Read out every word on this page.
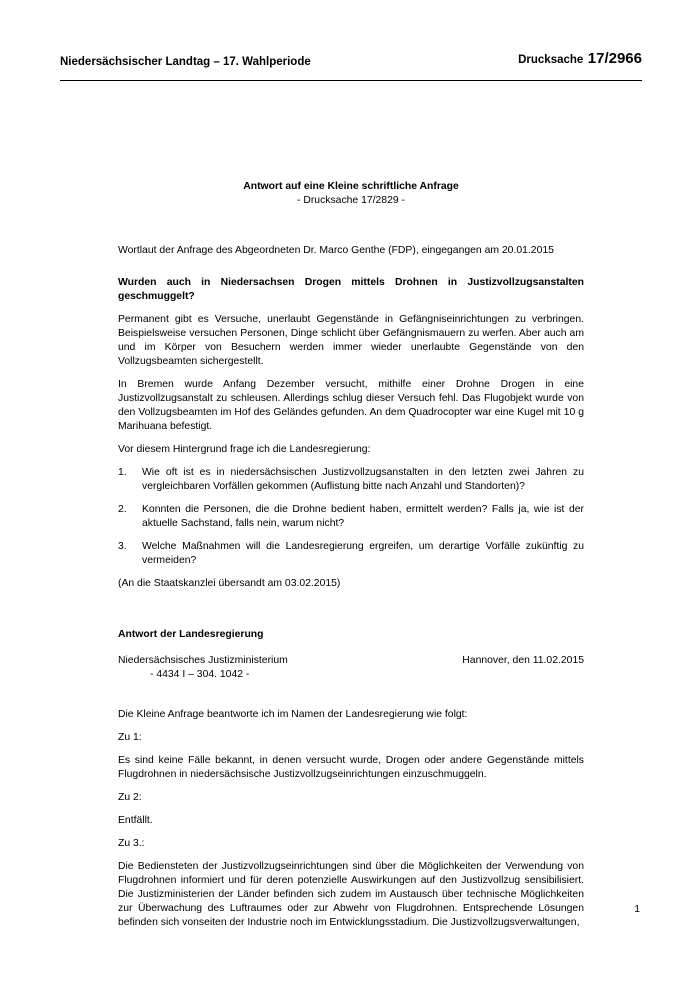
Niedersächsischer Landtag – 17. Wahlperiode	Drucksache 17/2966
Antwort auf eine Kleine schriftliche Anfrage
- Drucksache 17/2829 -

Wortlaut der Anfrage des Abgeordneten Dr. Marco Genthe (FDP), eingegangen am 20.01.2015

Wurden auch in Niedersachsen Drogen mittels Drohnen in Justizvollzugsanstalten geschmuggelt?

Permanent gibt es Versuche, unerlaubt Gegenstände in Gefängniseinrichtungen zu verbringen. Beispielsweise versuchen Personen, Dinge schlicht über Gefängnismauern zu werfen. Aber auch am und im Körper von Besuchern werden immer wieder unerlaubte Gegenstände von den Vollzugsbeamten sichergestellt.

In Bremen wurde Anfang Dezember versucht, mithilfe einer Drohne Drogen in eine Justizvollzugsanstalt zu schleusen. Allerdings schlug dieser Versuch fehl. Das Flugobjekt wurde von den Vollzugsbeamten im Hof des Geländes gefunden. An dem Quadrocopter war eine Kugel mit 10 g Marihuana befestigt.

Vor diesem Hintergrund frage ich die Landesregierung:

1.	Wie oft ist es in niedersächsischen Justizvollzugsanstalten in den letzten zwei Jahren zu vergleichbaren Vorfällen gekommen (Auflistung bitte nach Anzahl und Standorten)?
2.	Konnten die Personen, die die Drohne bedient haben, ermittelt werden? Falls ja, wie ist der aktuelle Sachstand, falls nein, warum nicht?
3.	Welche Maßnahmen will die Landesregierung ergreifen, um derartige Vorfälle zukünftig zu vermeiden?

(An die Staatskanzlei übersandt am 03.02.2015)

Antwort der Landesregierung

Niedersächsisches Justizministerium	Hannover, den 11.02.2015
- 4434 I – 304. 1042 -

Die Kleine Anfrage beantworte ich im Namen der Landesregierung wie folgt:

Zu 1:

Es sind keine Fälle bekannt, in denen versucht wurde, Drogen oder andere Gegenstände mittels Flugdrohnen in niedersächsische Justizvollzugseinrichtungen einzuschmuggeln.

Zu 2:

Entfällt.

Zu 3.:

Die Bediensteten der Justizvollzugseinrichtungen sind über die Möglichkeiten der Verwendung von Flugdrohnen informiert und für deren potenzielle Auswirkungen auf den Justizvollzug sensibilisiert. Die Justizministerien der Länder befinden sich zudem im Austausch über technische Möglichkeiten zur Überwachung des Luftraumes oder zur Abwehr von Flugdrohnen. Entsprechende Lösungen befinden sich vonseiten der Industrie noch im Entwicklungsstadium. Die Justizvollzugsverwaltungen,

1
